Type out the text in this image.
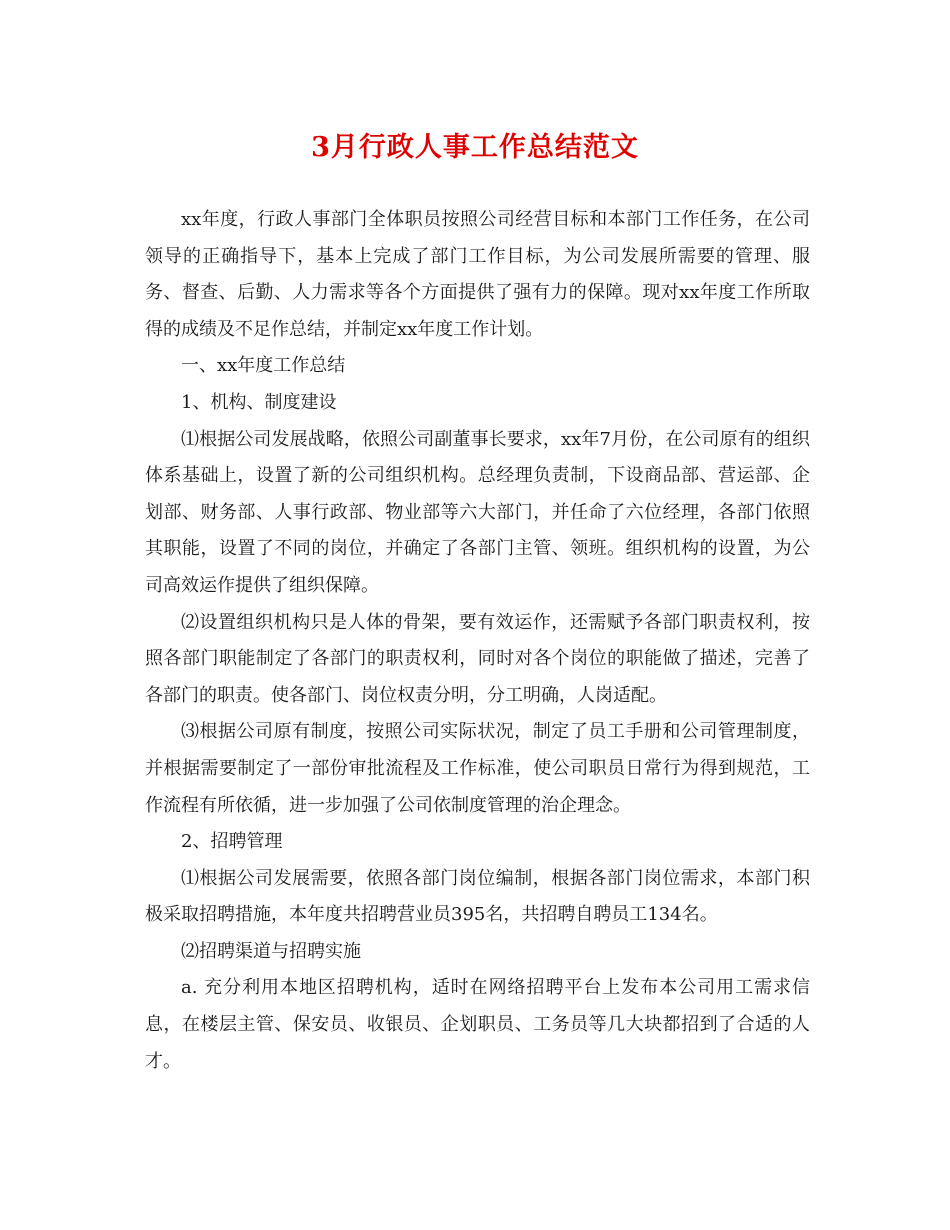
3月行政人事工作总结范文

xx年度，行政人事部门全体职员按照公司经营目标和本部门工作任务，在公司领导的正确指导下，基本上完成了部门工作目标，为公司发展所需要的管理、服务、督查、后勤、人力需求等各个方面提供了强有力的保障。现对xx年度工作所取得的成绩及不足作总结，并制定xx年度工作计划。

一、xx年度工作总结

1、机构、制度建设

⑴根据公司发展战略，依照公司副董事长要求，xx年7月份，在公司原有的组织体系基础上，设置了新的公司组织机构。总经理负责制，下设商品部、营运部、企划部、财务部、人事行政部、物业部等六大部门，并任命了六位经理，各部门依照其职能，设置了不同的岗位，并确定了各部门主管、领班。组织机构的设置，为公司高效运作提供了组织保障。

⑵设置组织机构只是人体的骨架，要有效运作，还需赋予各部门职责权利，按照各部门职能制定了各部门的职责权利，同时对各个岗位的职能做了描述，完善了各部门的职责。使各部门、岗位权责分明，分工明确，人岗适配。

⑶根据公司原有制度，按照公司实际状况，制定了员工手册和公司管理制度，并根据需要制定了一部份审批流程及工作标准，使公司职员日常行为得到规范，工作流程有所依循，进一步加强了公司依制度管理的治企理念。

2、招聘管理

⑴根据公司发展需要，依照各部门岗位编制，根据各部门岗位需求，本部门积极采取招聘措施，本年度共招聘营业员395名，共招聘自聘员工134名。

⑵招聘渠道与招聘实施

a. 充分利用本地区招聘机构，适时在网络招聘平台上发布本公司用工需求信息，在楼层主管、保安员、收银员、企划职员、工务员等几大块都招到了合适的人才。
